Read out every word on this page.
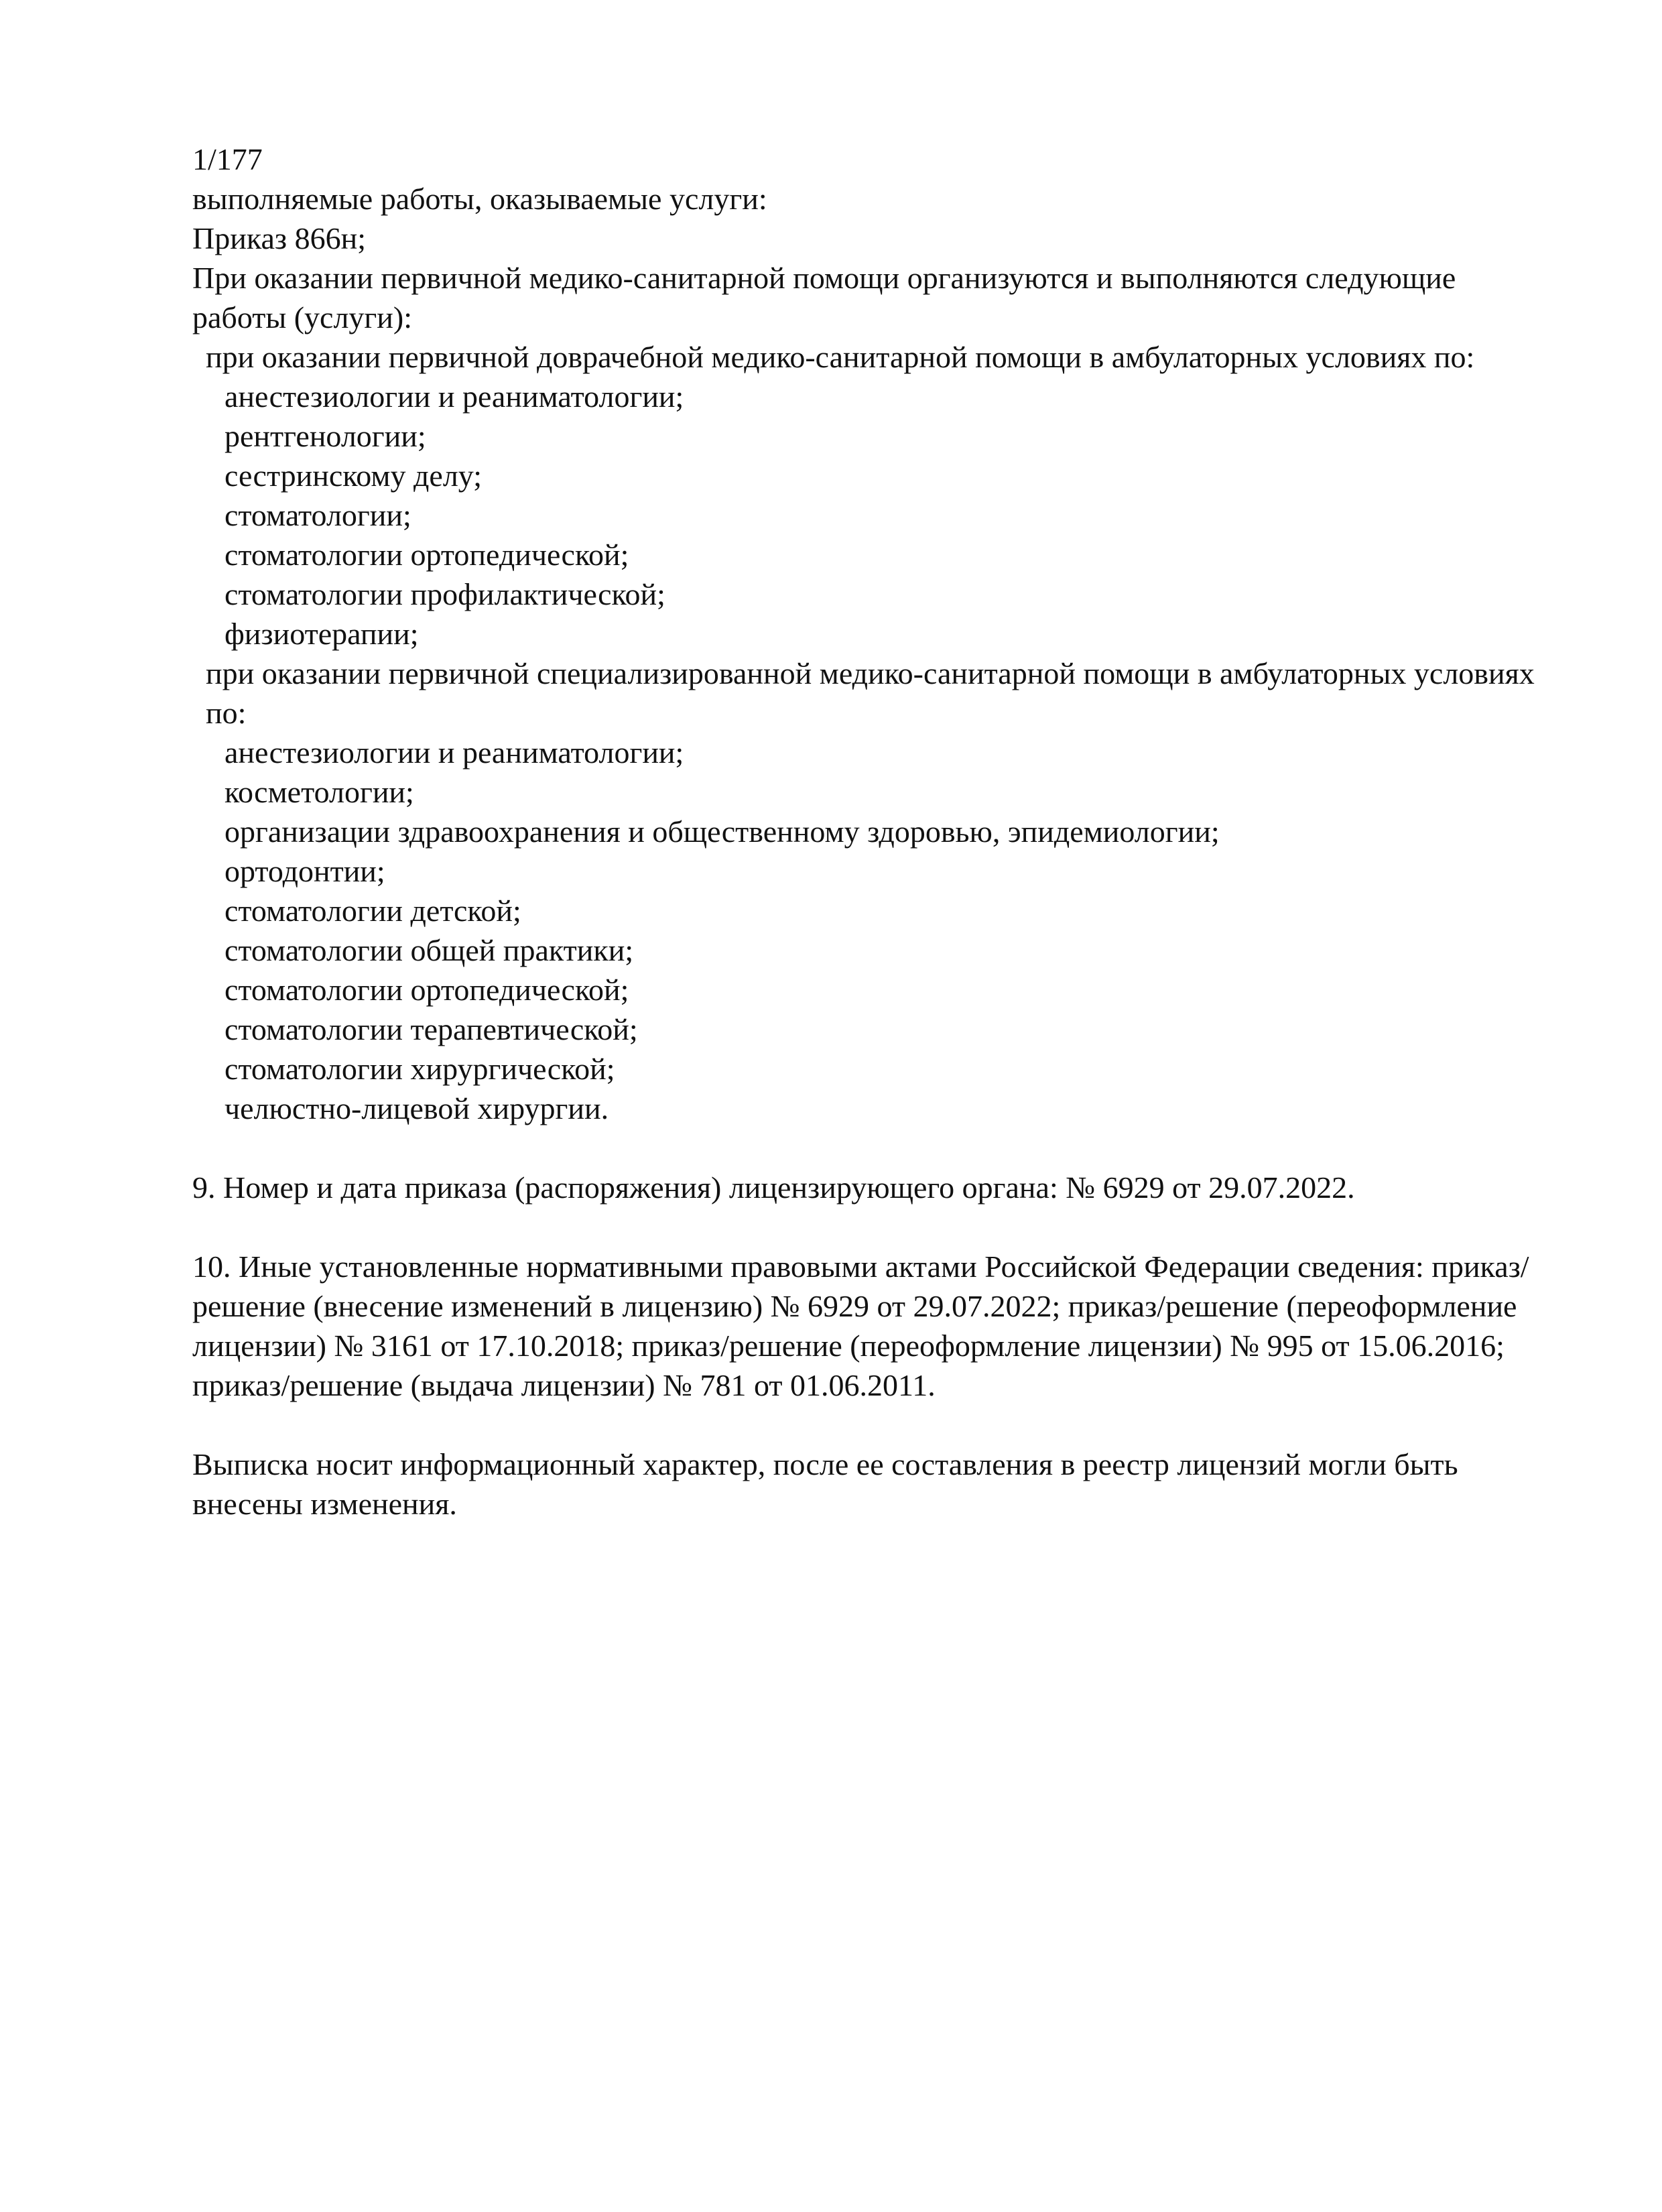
1/177

выполняемые работы, оказываемые услуги:

Приказ 866н;

При оказании первичной медико-санитарной помощи организуются и выполняются следующие работы (услуги):

при оказании первичной доврачебной медико-санитарной помощи в амбулаторных условиях по:

анестезиологии и реаниматологии;

рентгенологии;

сестринскому делу;

стоматологии;

стоматологии ортопедической;

стоматологии профилактической;

физиотерапии;

при оказании первичной специализированной медико-санитарной помощи в амбулаторных условиях по:

анестезиологии и реаниматологии;

косметологии;

организации здравоохранения и общественному здоровью, эпидемиологии;

ортодонтии;

стоматологии детской;

стоматологии общей практики;

стоматологии ортопедической;

стоматологии терапевтической;

стоматологии хирургической;

челюстно-лицевой хирургии.

9. Номер и дата приказа (распоряжения) лицензирующего органа: № 6929 от 29.07.2022.

10. Иные установленные нормативными правовыми актами Российской Федерации сведения: приказ/решение (внесение изменений в лицензию) № 6929 от 29.07.2022; приказ/решение (переоформление лицензии) № 3161 от 17.10.2018; приказ/решение (переоформление лицензии) № 995 от 15.06.2016; приказ/решение (выдача лицензии) № 781 от 01.06.2011.

Выписка носит информационный характер, после ее составления в реестр лицензий могли быть внесены изменения.
